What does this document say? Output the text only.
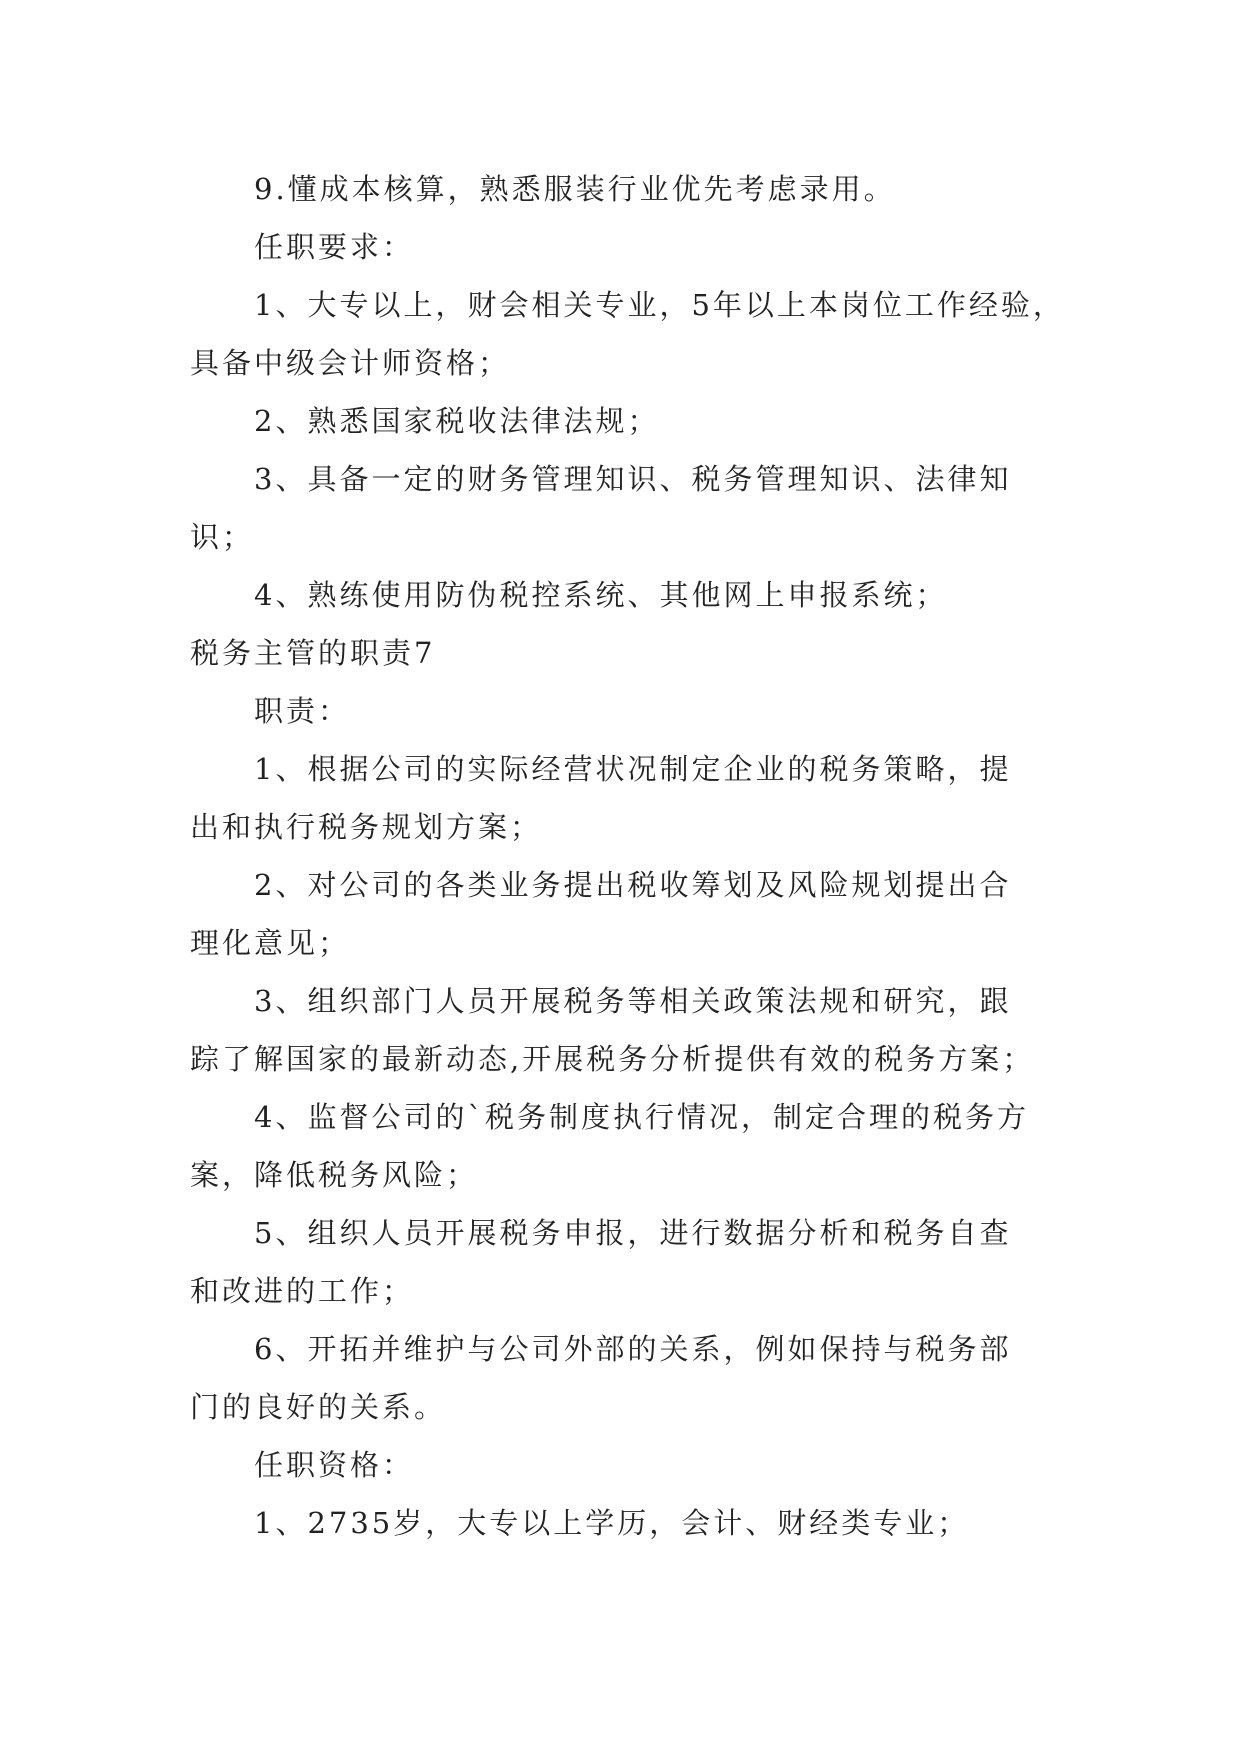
9.懂成本核算，熟悉服装行业优先考虑录用。

任职要求：

1、大专以上，财会相关专业，5年以上本岗位工作经验，

具备中级会计师资格；

2、熟悉国家税收法律法规；

3、具备一定的财务管理知识、税务管理知识、法律知

识；

4、熟练使用防伪税控系统、其他网上申报系统；

税务主管的职责7

职责：

1、根据公司的实际经营状况制定企业的税务策略，提

出和执行税务规划方案；

2、对公司的各类业务提出税收筹划及风险规划提出合

理化意见；

3、组织部门人员开展税务等相关政策法规和研究，跟

踪了解国家的最新动态,开展税务分析提供有效的税务方案；

4、监督公司的`税务制度执行情况，制定合理的税务方

案，降低税务风险；

5、组织人员开展税务申报，进行数据分析和税务自查

和改进的工作；

6、开拓并维护与公司外部的关系，例如保持与税务部

门的良好的关系。

任职资格：

1、2735岁，大专以上学历，会计、财经类专业；
